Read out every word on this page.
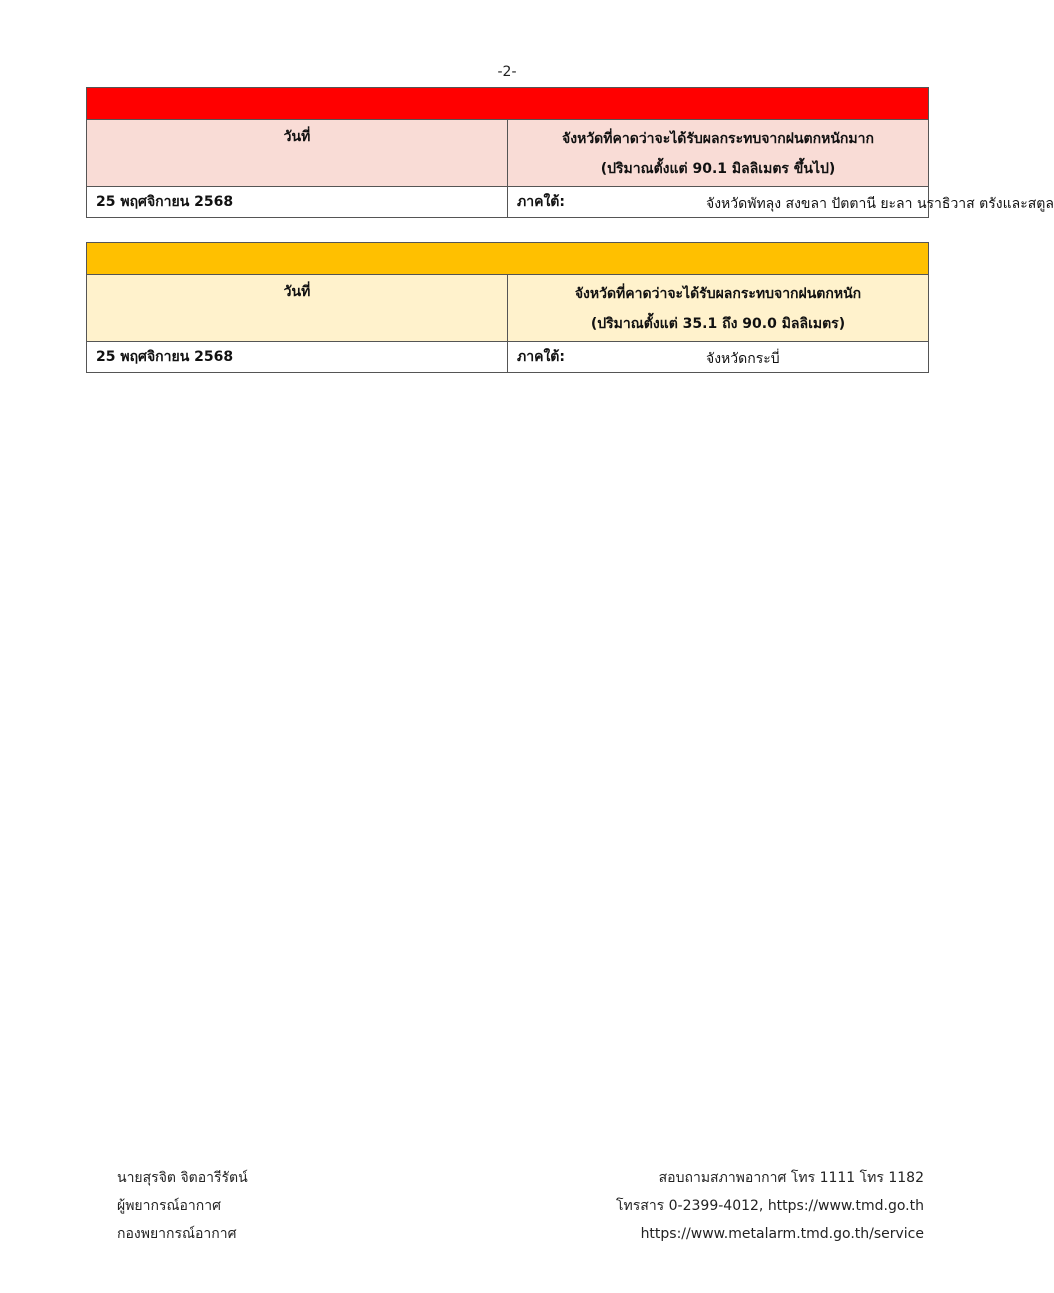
-2-

วันที่	จังหวัดที่คาดว่าจะได้รับผลกระทบจากฝนตกหนักมาก
(ปริมาณตั้งแต่ 90.1 มิลลิเมตร ขึ้นไป)

25 พฤศจิกายน 2568	ภาคใต้: จังหวัดพัทลุง สงขลา ปัตตานี ยะลา นราธิวาส ตรังและสตูล

วันที่	จังหวัดที่คาดว่าจะได้รับผลกระทบจากฝนตกหนัก
(ปริมาณตั้งแต่ 35.1 ถึง 90.0 มิลลิเมตร)

25 พฤศจิกายน 2568	ภาคใต้: จังหวัดกระบี่
นายสุรจิต จิตอารีรัตน์
ผู้พยากรณ์อากาศ
กองพยากรณ์อากาศ
สอบถามสภาพอากาศ โทร 1111 โทร 1182
โทรสาร 0-2399-4012, https://www.tmd.go.th
https://www.metalarm.tmd.go.th/service
